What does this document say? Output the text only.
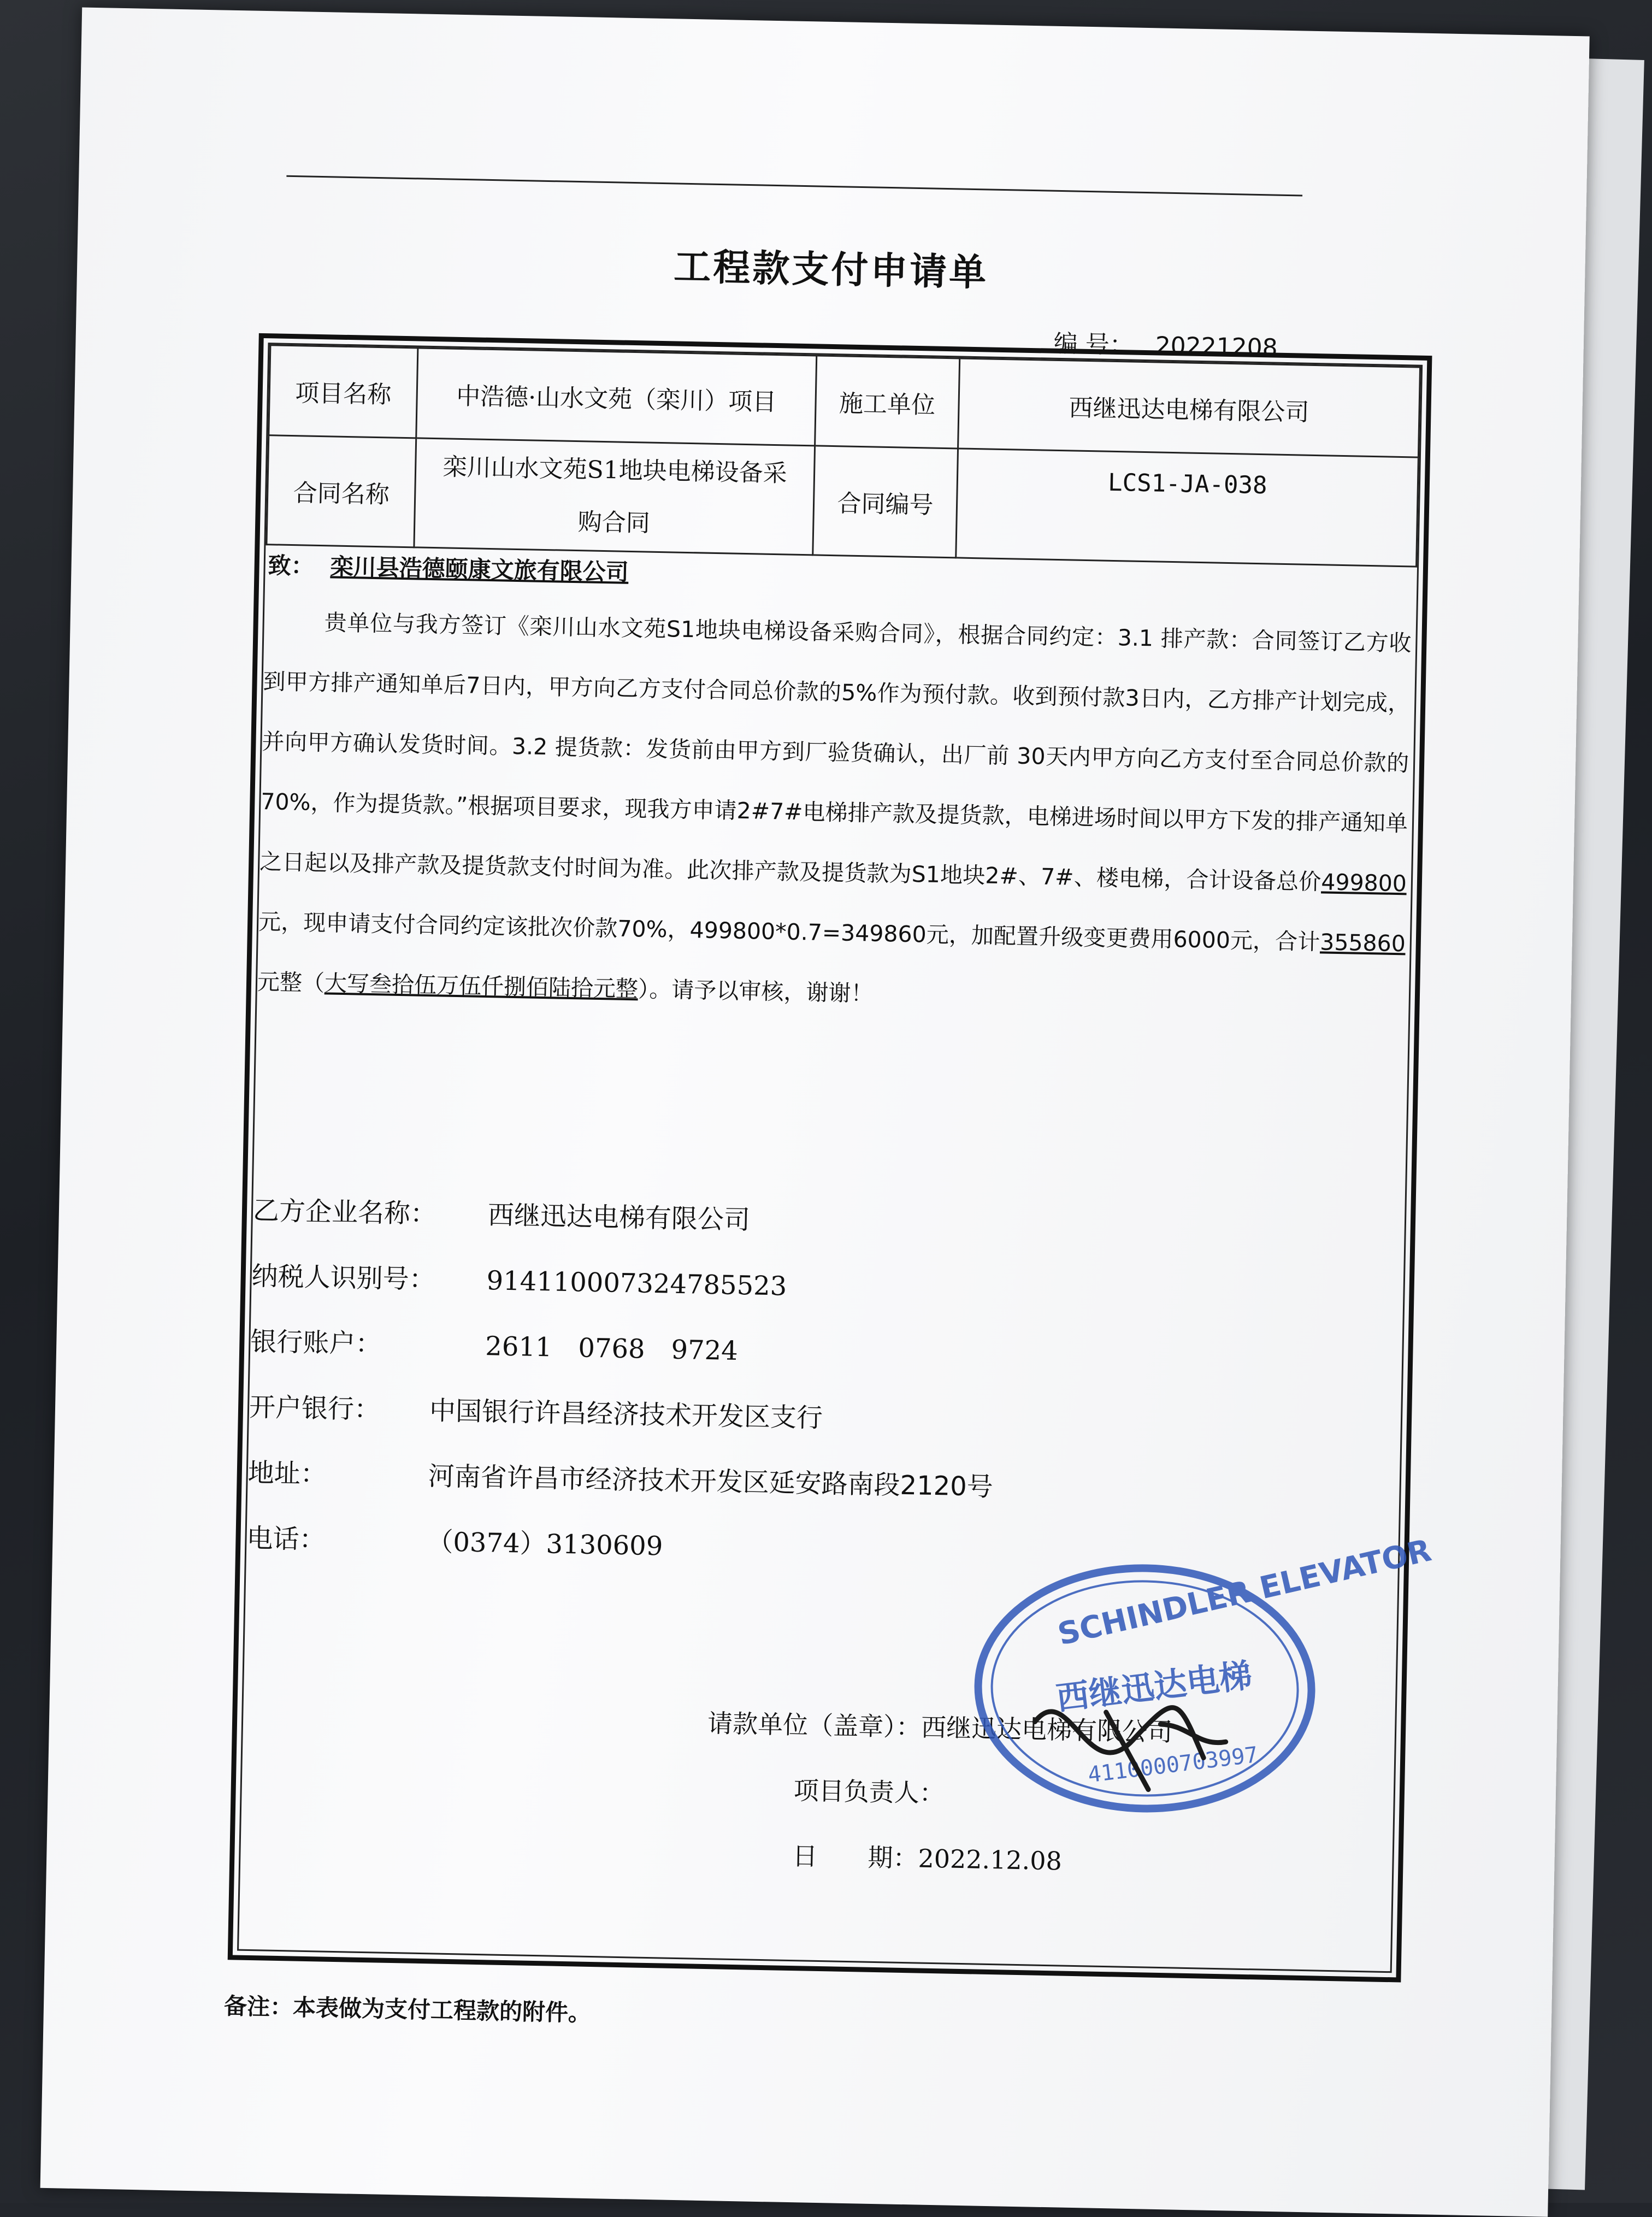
工程款支付申请单
编 号： 20221208
项目名称	中浩德·山水文苑（栾川）项目	施工单位	西继迅达电梯有限公司
合同名称	栾川山水文苑S1地块电梯设备采购合同	合同编号	LCS1-JA-038
致： 栾川县浩德颐康文旅有限公司
贵单位与我方签订《栾川山水文苑S1地块电梯设备采购合同》，根据合同约定：3.1 排产款：合同签订乙方收到甲方排产通知单后7日内，甲方向乙方支付合同总价款的5%作为预付款。收到预付款3日内，乙方排产计划完成，并向甲方确认发货时间。3.2 提货款：发货前由甲方到厂验货确认，出厂前 30天内甲方向乙方支付至合同总价款的70%，作为提货款。”根据项目要求，现我方申请2#7#电梯排产款及提货款，电梯进场时间以甲方下发的排产通知单之日起以及排产款及提货款支付时间为准。此次排产款及提货款为S1地块2#、7#、楼电梯，合计设备总价499800元，现申请支付合同约定该批次价款70%，499800*0.7=349860元，加配置升级变更费用6000元，合计355860元整（大写叁拾伍万伍仟捌佰陆拾元整）。请予以审核，谢谢！
乙方企业名称： 西继迅达电梯有限公司
纳税人识别号： 914110007324785523
银行账户：	2611　0768　9724
开户银行： 中国银行许昌经济技术开发区支行
地址：	河南省许昌市经济技术开发区延安路南段2120号
电话：	（0374）3130609
请款单位（盖章）：西继迅达电梯有限公司
项目负责人：
日　　期：2022.12.08
SCHINDLER ELEVATOR
西继迅达电梯
4110000703997
备注：本表做为支付工程款的附件。
